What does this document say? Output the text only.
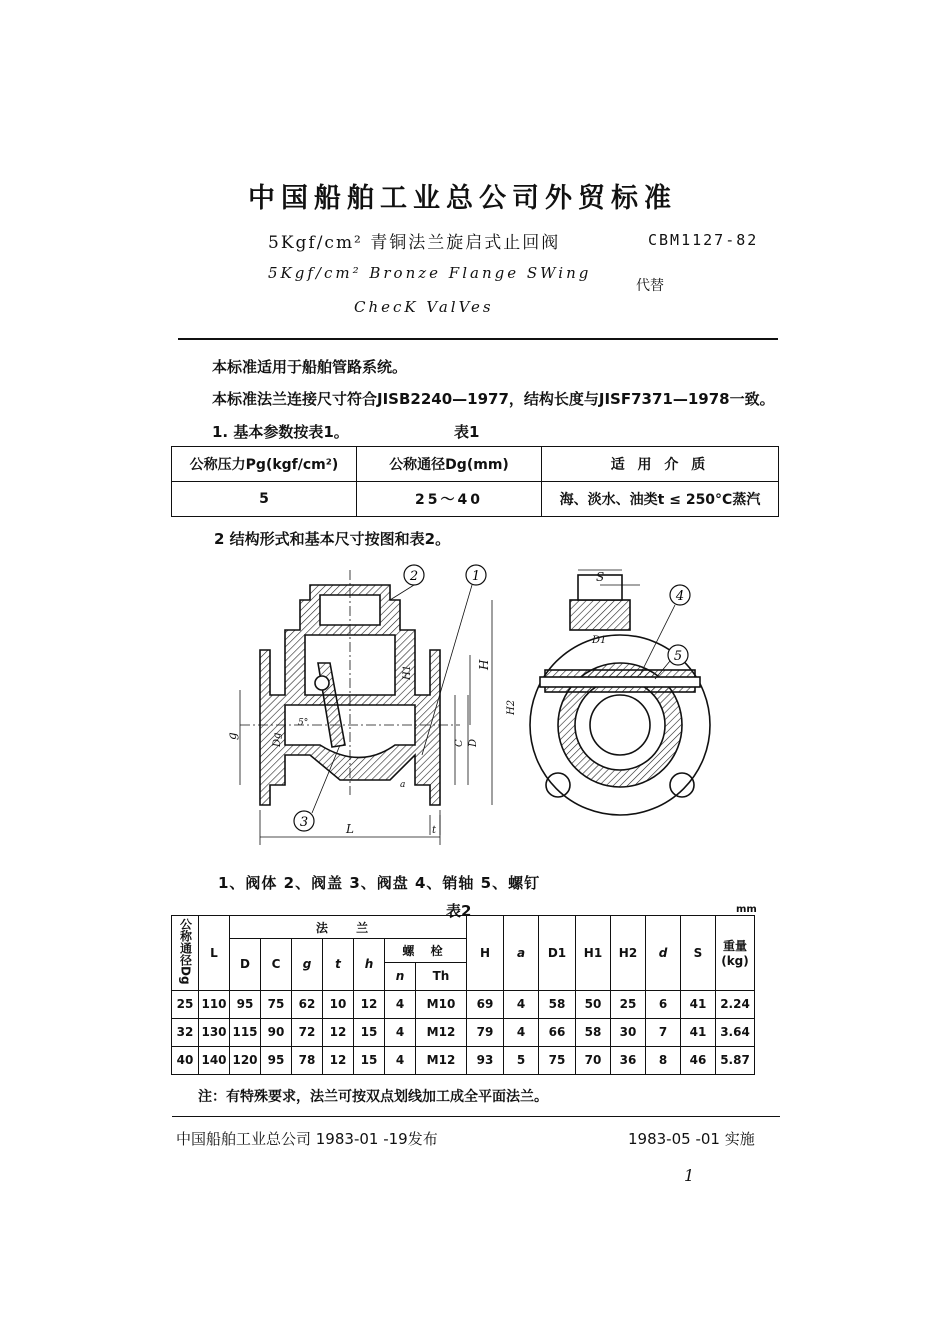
中国船舶工业总公司外贸标准
5Kgf/cm² 青铜法兰旋启式止回阀	CBM1127-82
5Kgf/cm² Bronze Flange SWing
代替
ChecK ValVes
本标准适用于船舶管路系统。
本标准法兰连接尺寸符合JISB2240—1977，结构长度与JISF7371—1978一致。
1. 基本参数按表1。	表1
公称压力Pg(kgf/cm²)	公称通径Dg(mm)	适 用 介 质
5	25～40	海、淡水、油类t ≤ 250°C蒸汽
2 结构形式和基本尺寸按图和表2。
2	1
3
4
5
S
D1
H1
H
H2
g	Dg
5°
C D
a
t
L
1、阀体 2、阀盖 3、阀盘 4、销轴 5、螺钉
表2	mm
公称通径Dg	L	法 兰							H	a	D1	H1	H2	d	S	重量(kg)
		D	C	g	t	h	螺 栓									
							n	Th								
25	110	95	75	62	10	12	4	M10	69	4	58	50	25	6	41	2.24
32	130	115	90	72	12	15	4	M12	79	4	66	58	30	7	41	3.64
40	140	120	95	78	12	15	4	M12	93	5	75	70	36	8	46	5.87
注：有特殊要求，法兰可按双点划线加工成全平面法兰。
中国船舶工业总公司 1983-01 -19发布	1983-05 -01 实施
1
